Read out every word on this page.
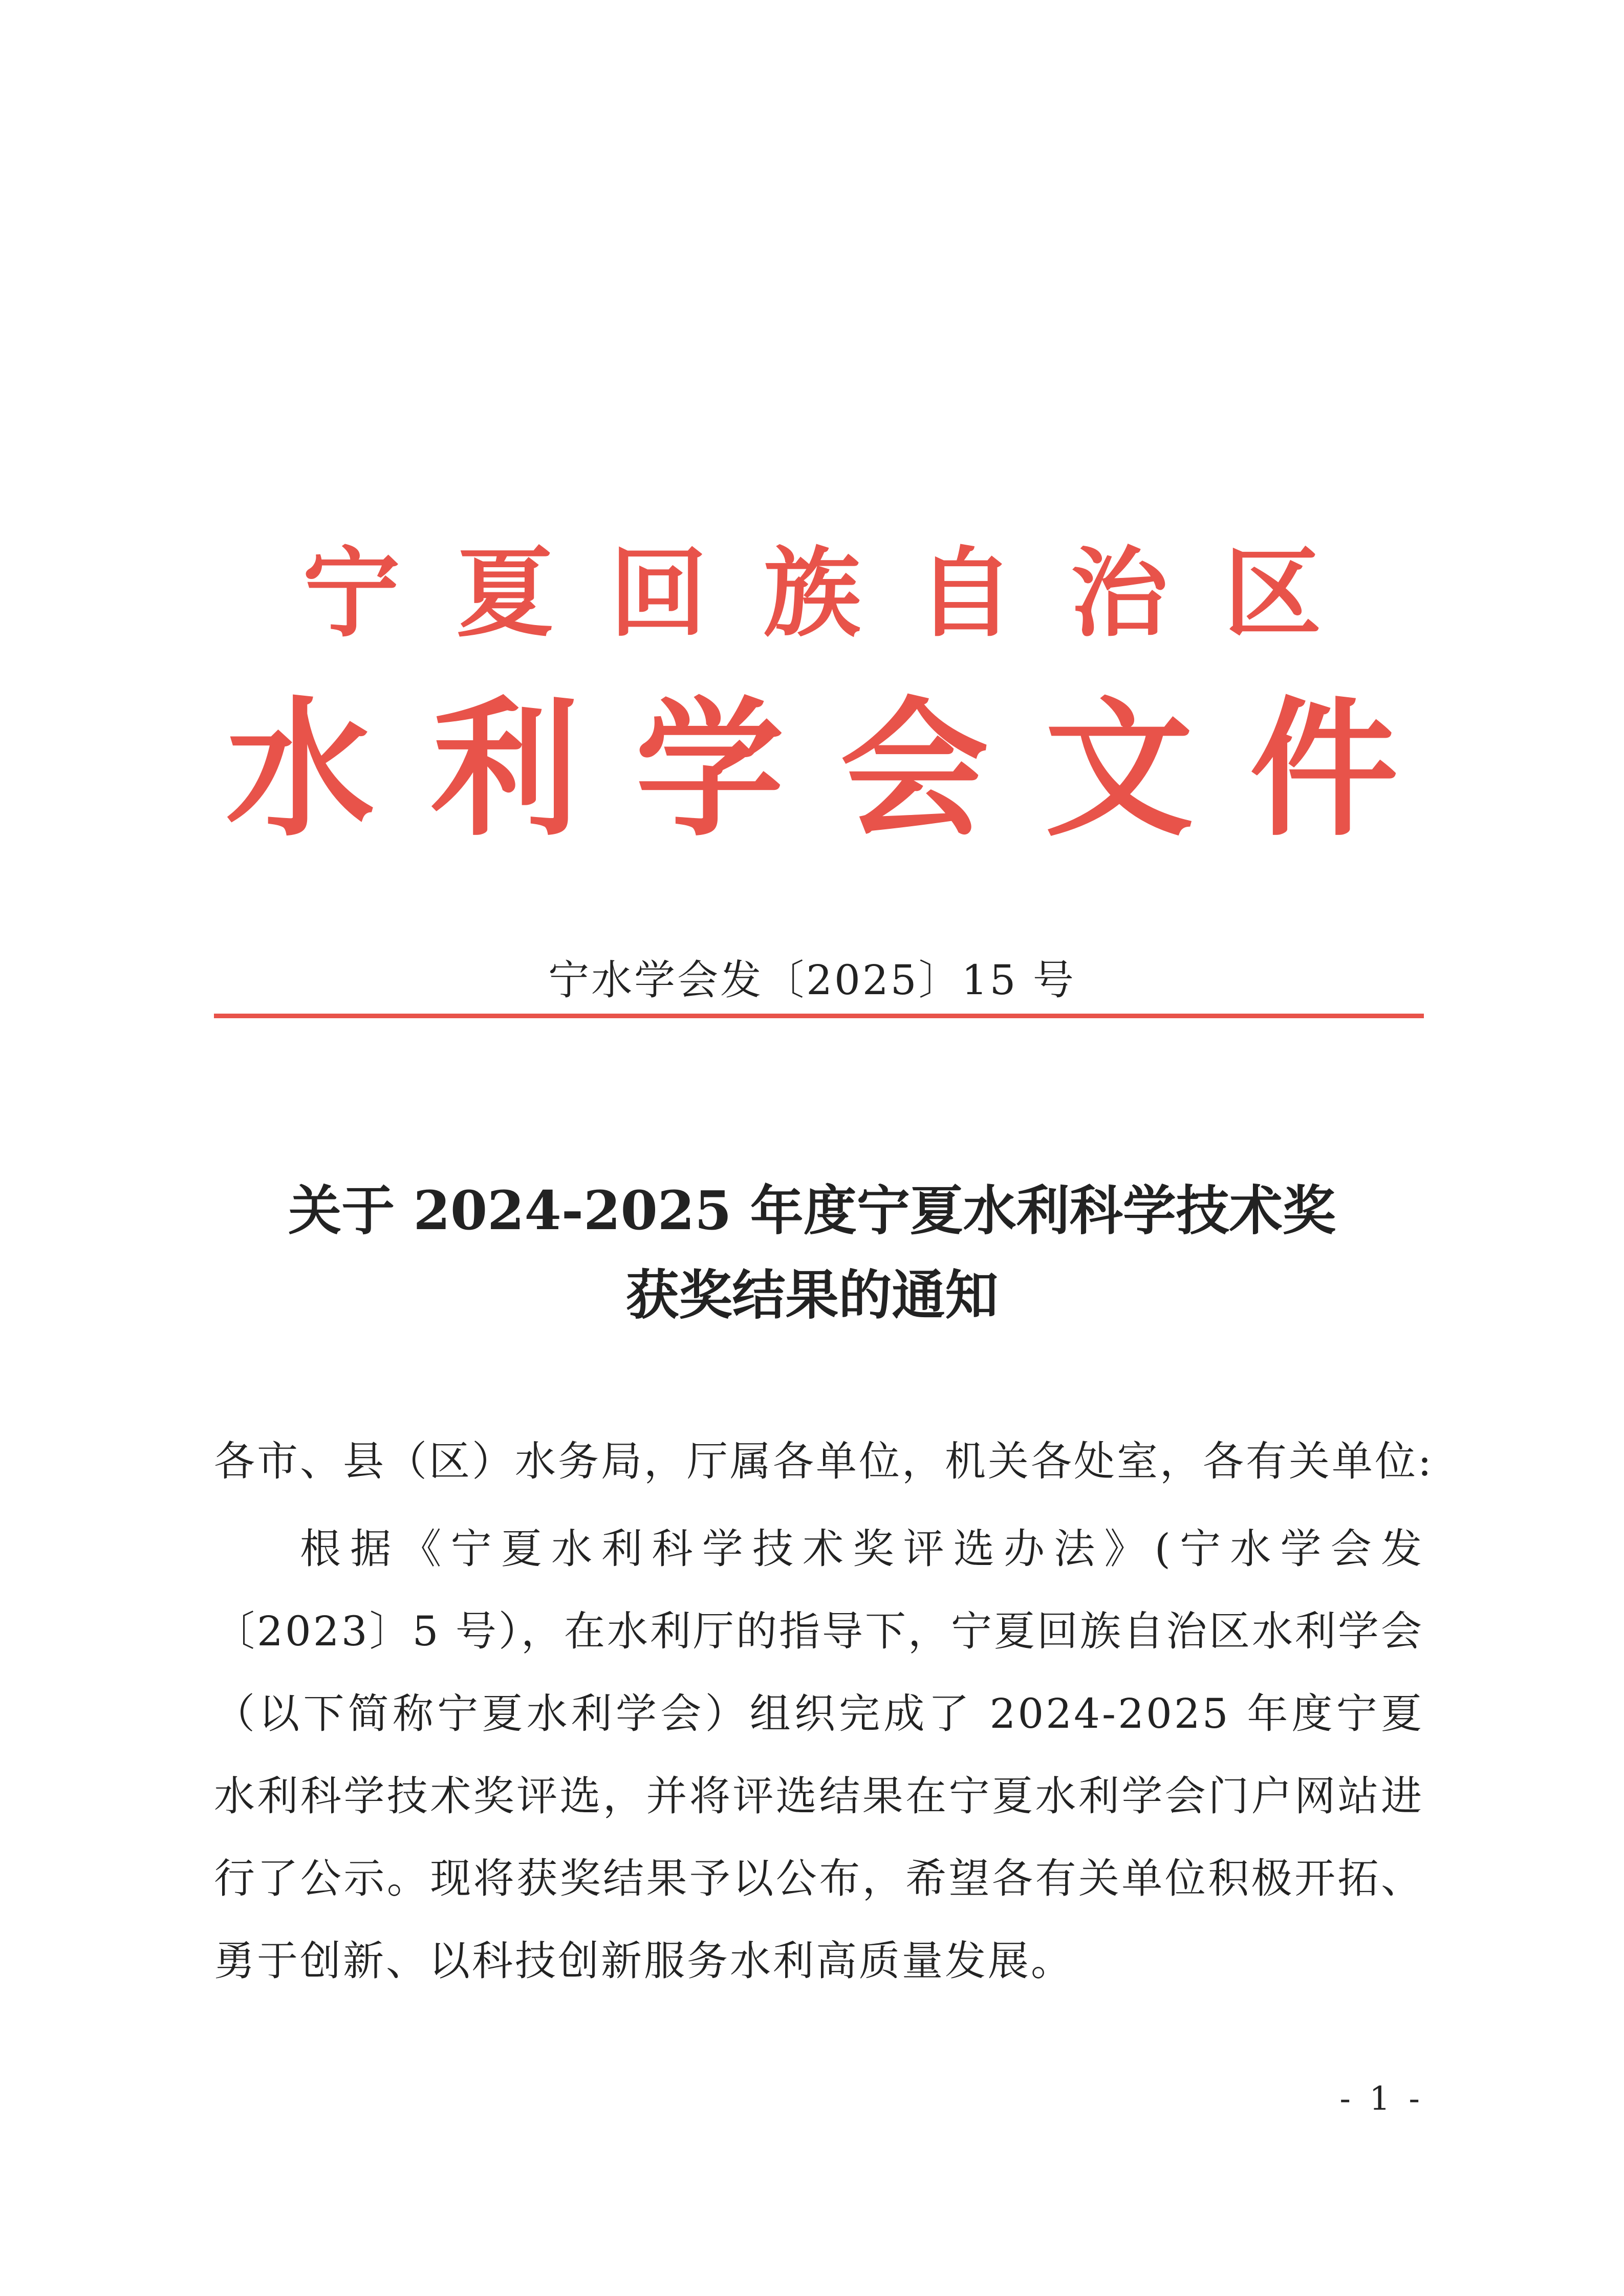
宁夏回族自治区
水利学会文件
宁水学会发〔2025〕15 号
关于 2024-2025 年度宁夏水利科学技术奖
获奖结果的通知
各市、县（区）水务局，厅属各单位，机关各处室，各有关单位:

根据《宁夏水利科学技术奖评选办法》(宁水学会发〔2023〕5 号），在水利厅的指导下，宁夏回族自治区水利学会（以下简称宁夏水利学会）组织完成了 2024-2025 年度宁夏水利科学技术奖评选，并将评选结果在宁夏水利学会门户网站进行了公示。现将获奖结果予以公布，希望各有关单位积极开拓、勇于创新、以科技创新服务水利高质量发展。

- 1 -
